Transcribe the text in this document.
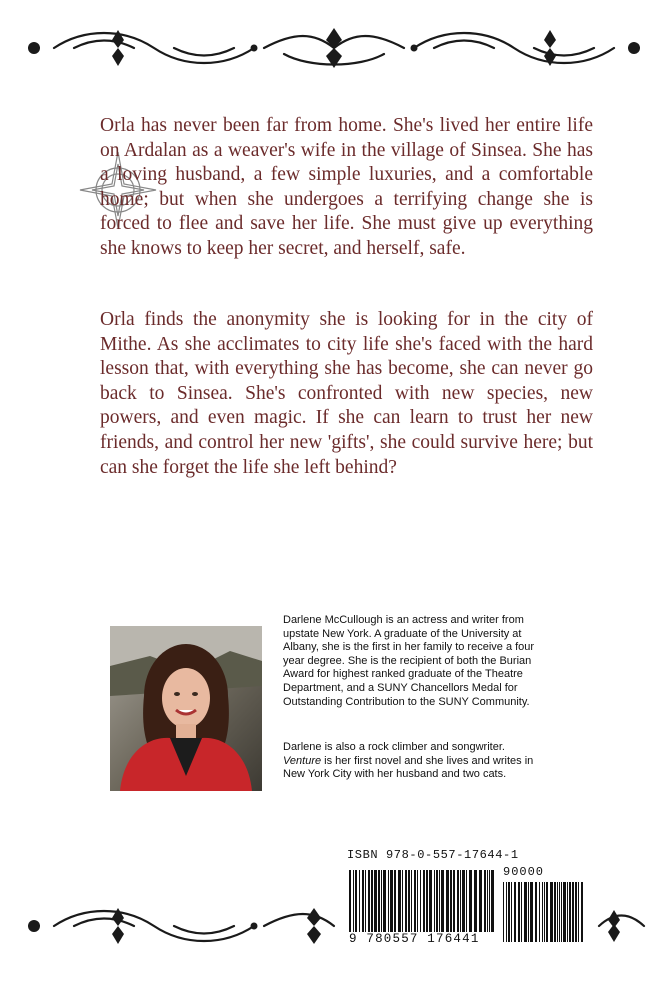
Orla has never been far from home. She's lived her entire life on Ardalan as a weaver's wife in the village of Sinsea. She has a loving husband, a few simple luxuries, and a comfortable home; but when she undergoes a terrifying change she is forced to flee and save her life. She must give up everything she knows to keep her secret, and herself, safe.

Orla finds the anonymity she is looking for in the city of Mithe. As she acclimates to city life she's faced with the hard lesson that, with everything she has become, she can never go back to Sinsea. She's confronted with new species, new powers, and even magic. If she can learn to trust her new friends, and control her new 'gifts', she could survive here; but can she forget the life she left behind?

Darlene McCullough is an actress and writer from upstate New York. A graduate of the University at Albany, she is the first in her family to receive a four year degree. She is the recipient of both the Burian Award for highest ranked graduate of the Theatre Department, and a SUNY Chancellors Medal for Outstanding Contribution to the SUNY Community.

Darlene is also a rock climber and songwriter. Venture is her first novel and she lives and writes in New York City with her husband and two cats.

ISBN 978-0-557-17644-1
90000
9 780557 176441
